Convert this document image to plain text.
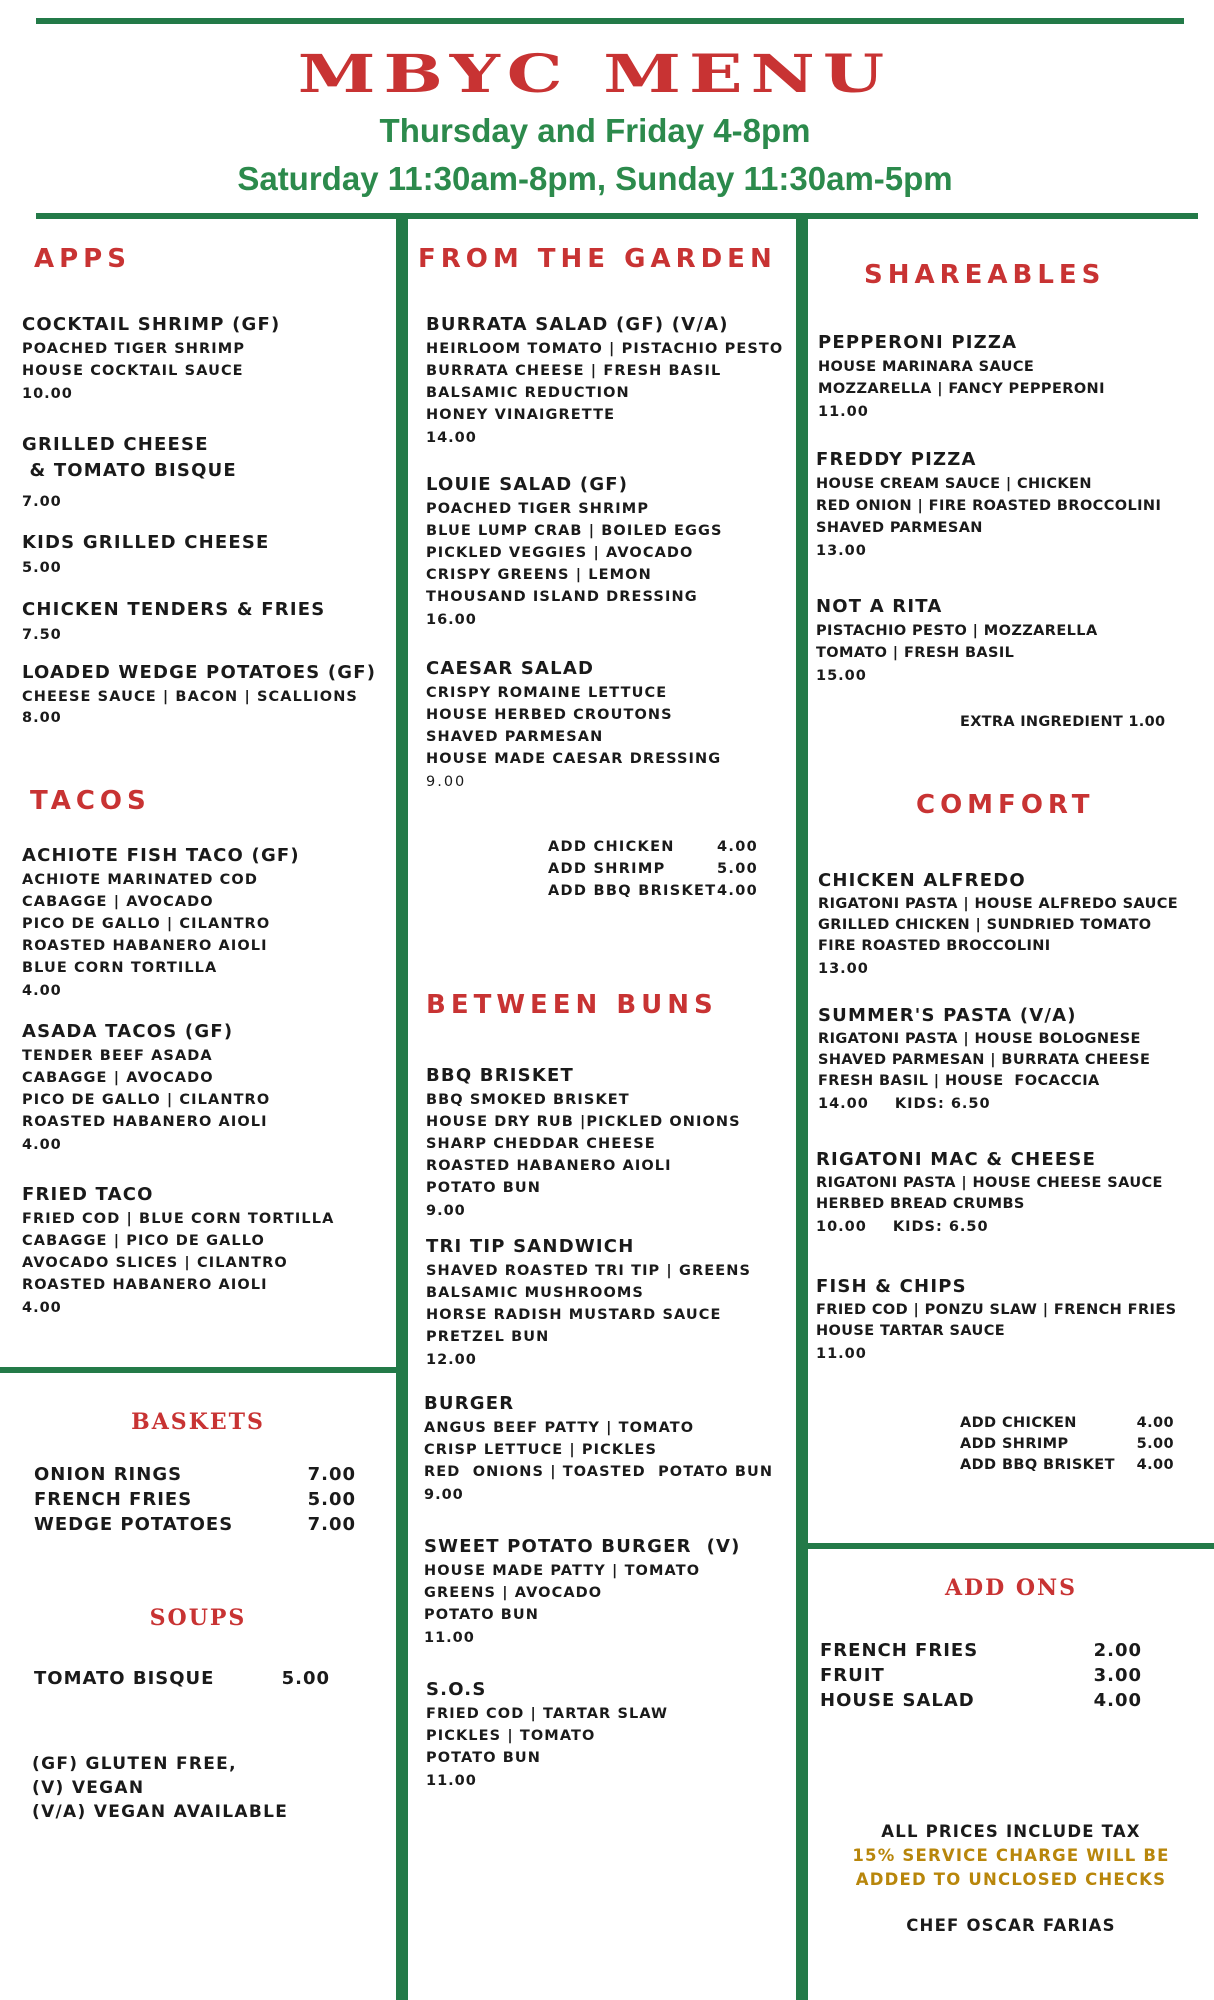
MBYC MENU
Thursday and Friday 4-8pm
Saturday 11:30am-8pm, Sunday 11:30am-5pm
APPS
COCKTAIL SHRIMP (GF)
POACHED TIGER SHRIMP
HOUSE COCKTAIL SAUCE
10.00
GRILLED CHEESE
& TOMATO BISQUE
7.00
KIDS GRILLED CHEESE
5.00
CHICKEN TENDERS & FRIES
7.50
LOADED WEDGE POTATOES (GF)
CHEESE SAUCE | BACON | SCALLIONS
8.00
TACOS
ACHIOTE FISH TACO (GF)
ACHIOTE MARINATED COD
CABAGGE | AVOCADO
PICO DE GALLO | CILANTRO
ROASTED HABANERO AIOLI
BLUE CORN TORTILLA
4.00
ASADA TACOS (GF)
TENDER BEEF ASADA
CABAGGE | AVOCADO
PICO DE GALLO | CILANTRO
ROASTED HABANERO AIOLI
4.00
FRIED TACO
FRIED COD | BLUE CORN TORTILLA
CABAGGE | PICO DE GALLO
AVOCADO SLICES | CILANTRO
ROASTED HABANERO AIOLI
4.00
BASKETS
ONION RINGS	7.00
FRENCH FRIES	5.00
WEDGE POTATOES	7.00
SOUPS
TOMATO BISQUE	5.00
(GF) GLUTEN FREE,
(V) VEGAN
(V/A) VEGAN AVAILABLE
FROM THE GARDEN
BURRATA SALAD (GF) (V/A)
HEIRLOOM TOMATO | PISTACHIO PESTO
BURRATA CHEESE | FRESH BASIL
BALSAMIC REDUCTION
HONEY VINAIGRETTE
14.00
LOUIE SALAD (GF)
POACHED TIGER SHRIMP
BLUE LUMP CRAB | BOILED EGGS
PICKLED VEGGIES | AVOCADO
CRISPY GREENS | LEMON
THOUSAND ISLAND DRESSING
16.00
CAESAR SALAD
CRISPY ROMAINE LETTUCE
HOUSE HERBED CROUTONS
SHAVED PARMESAN
HOUSE MADE CAESAR DRESSING
9.00
ADD CHICKEN	4.00
ADD SHRIMP	5.00
ADD BBQ BRISKET 4.00
BETWEEN BUNS
BBQ BRISKET
BBQ SMOKED BRISKET
HOUSE DRY RUB |PICKLED ONIONS
SHARP CHEDDAR CHEESE
ROASTED HABANERO AIOLI
POTATO BUN
9.00
TRI TIP SANDWICH
SHAVED ROASTED TRI TIP | GREENS
BALSAMIC MUSHROOMS
HORSE RADISH MUSTARD SAUCE
PRETZEL BUN
12.00
BURGER
ANGUS BEEF PATTY | TOMATO
CRISP LETTUCE | PICKLES
RED  ONIONS | TOASTED  POTATO BUN
9.00
SWEET POTATO BURGER  (V)
HOUSE MADE PATTY | TOMATO
GREENS | AVOCADO
POTATO BUN
11.00
S.O.S
FRIED COD | TARTAR SLAW
PICKLES | TOMATO
POTATO BUN
11.00
SHAREABLES
PEPPERONI PIZZA
HOUSE MARINARA SAUCE
MOZZARELLA | FANCY PEPPERONI
11.00
FREDDY PIZZA
HOUSE CREAM SAUCE | CHICKEN
RED ONION | FIRE ROASTED BROCCOLINI
SHAVED PARMESAN
13.00
NOT A RITA
PISTACHIO PESTO | MOZZARELLA
TOMATO | FRESH BASIL
15.00
EXTRA INGREDIENT 1.00
COMFORT
CHICKEN ALFREDO
RIGATONI PASTA | HOUSE ALFREDO SAUCE
GRILLED CHICKEN | SUNDRIED TOMATO
FIRE ROASTED BROCCOLINI
13.00
SUMMER'S PASTA (V/A)
RIGATONI PASTA | HOUSE BOLOGNESE
SHAVED PARMESAN | BURRATA CHEESE
FRESH BASIL | HOUSE  FOCACCIA
14.00 KIDS: 6.50
RIGATONI MAC & CHEESE
RIGATONI PASTA | HOUSE CHEESE SAUCE
HERBED BREAD CRUMBS
10.00 KIDS: 6.50
FISH & CHIPS
FRIED COD | PONZU SLAW | FRENCH FRIES
HOUSE TARTAR SAUCE
11.00
ADD CHICKEN	4.00
ADD SHRIMP	5.00
ADD BBQ BRISKET 4.00
ADD ONS
FRENCH FRIES	2.00
FRUIT	3.00
HOUSE SALAD	4.00
ALL PRICES INCLUDE TAX
15% SERVICE CHARGE WILL BE
ADDED TO UNCLOSED CHECKS
CHEF OSCAR FARIAS
